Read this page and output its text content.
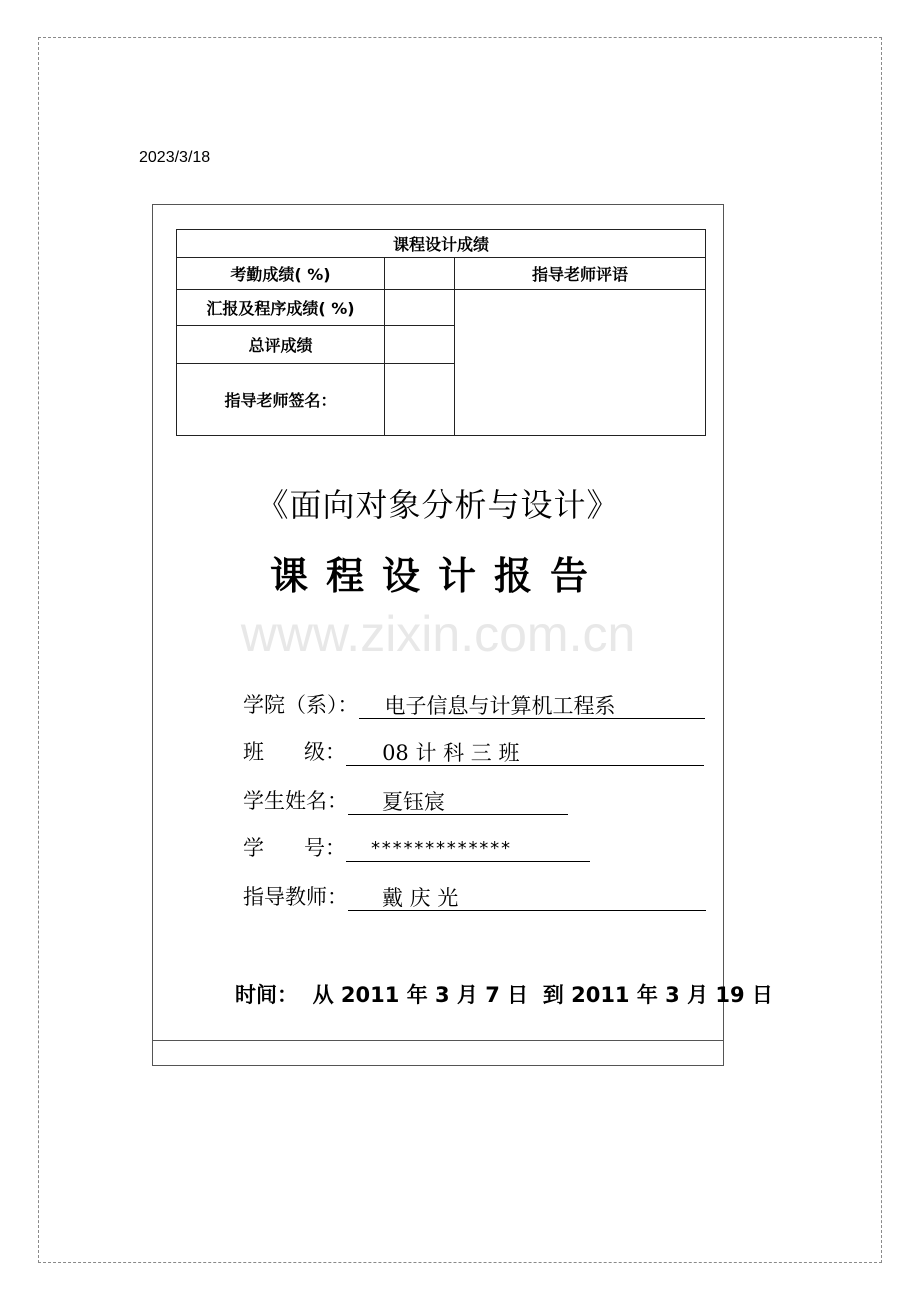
2023/3/18
课程设计成绩		
考勤成绩( %)		指导老师评语
汇报及程序成绩( %)		
总评成绩		
指导老师签名：		
《面向对象分析与设计》
课程设计报告
www.zixin.com.cn
学院（系）：	电子信息与计算机工程系
班      级：	08 计 科 三 班
学生姓名：	夏钰宸
学      号：	*************
指导教师：	戴 庆 光
时间：  从 2011 年 3 月 7 日  到 2011 年 3 月 19 日
